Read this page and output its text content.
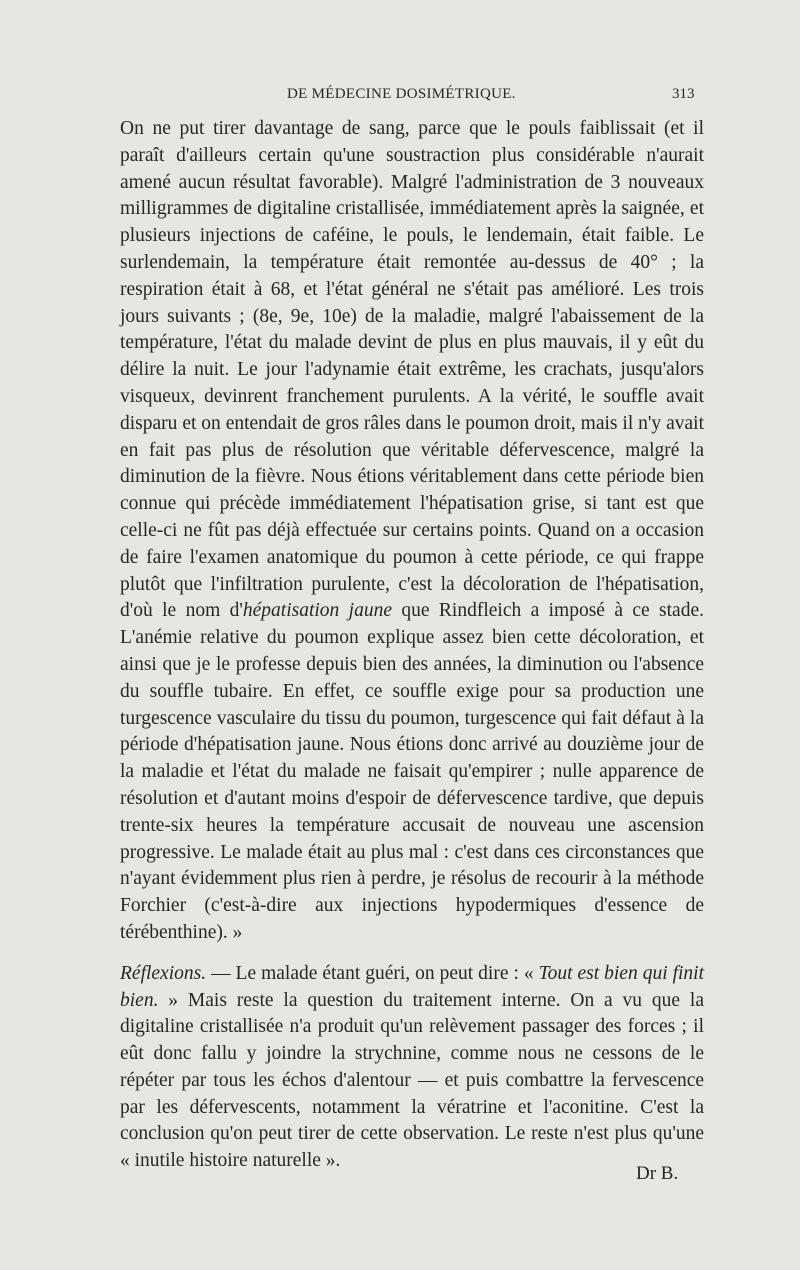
DE MÉDECINE DOSIMÉTRIQUE.	313

On ne put tirer davantage de sang, parce que le pouls faiblissait (et il paraît d'ailleurs certain qu'une soustraction plus considérable n'aurait amené aucun résultat favorable). Malgré l'administration de 3 nouveaux milligrammes de digitaline cristallisée, immédiatement après la saignée, et plusieurs injections de caféine, le pouls, le lendemain, était faible. Le surlendemain, la température était remontée au-dessus de 40° ; la respiration était à 68, et l'état général ne s'était pas amélioré. Les trois jours suivants ; (8e, 9e, 10e) de la maladie, malgré l'abaissement de la température, l'état du malade devint de plus en plus mauvais, il y eût du délire la nuit. Le jour l'adynamie était extrême, les crachats, jusqu'alors visqueux, devinrent franchement purulents. A la vérité, le souffle avait disparu et on entendait de gros râles dans le poumon droit, mais il n'y avait en fait pas plus de résolution que véritable défervescence, malgré la diminution de la fièvre. Nous étions véritablement dans cette période bien connue qui précède immédiatement l'hépatisation grise, si tant est que celle-ci ne fût pas déjà effectuée sur certains points. Quand on a occasion de faire l'examen anatomique du poumon à cette période, ce qui frappe plutôt que l'infiltration purulente, c'est la décoloration de l'hépatisation, d'où le nom d'hépatisation jaune que Rindfleich a imposé à ce stade. L'anémie relative du poumon explique assez bien cette décoloration, et ainsi que je le professe depuis bien des années, la diminution ou l'absence du souffle tubaire. En effet, ce souffle exige pour sa production une turgescence vasculaire du tissu du poumon, turgescence qui fait défaut à la période d'hépatisation jaune. Nous étions donc arrivé au douzième jour de la maladie et l'état du malade ne faisait qu'empirer ; nulle apparence de résolution et d'autant moins d'espoir de défervescence tardive, que depuis trente-six heures la température accusait de nouveau une ascension progressive. Le malade était au plus mal : c'est dans ces circonstances que n'ayant évidemment plus rien à perdre, je résolus de recourir à la méthode Forchier (c'est-à-dire aux injections hypodermiques d'essence de térébenthine). »

Réflexions. — Le malade étant guéri, on peut dire : « Tout est bien qui finit bien. » Mais reste la question du traitement interne. On a vu que la digitaline cristallisée n'a produit qu'un relèvement passager des forces ; il eût donc fallu y joindre la strychnine, comme nous ne cessons de le répéter par tous les échos d'alentour — et puis combattre la fervescence par les défervescents, notamment la vératrine et l'aconitine. C'est la conclusion qu'on peut tirer de cette observation. Le reste n'est plus qu'une « inutile histoire naturelle ».

Dr B.
